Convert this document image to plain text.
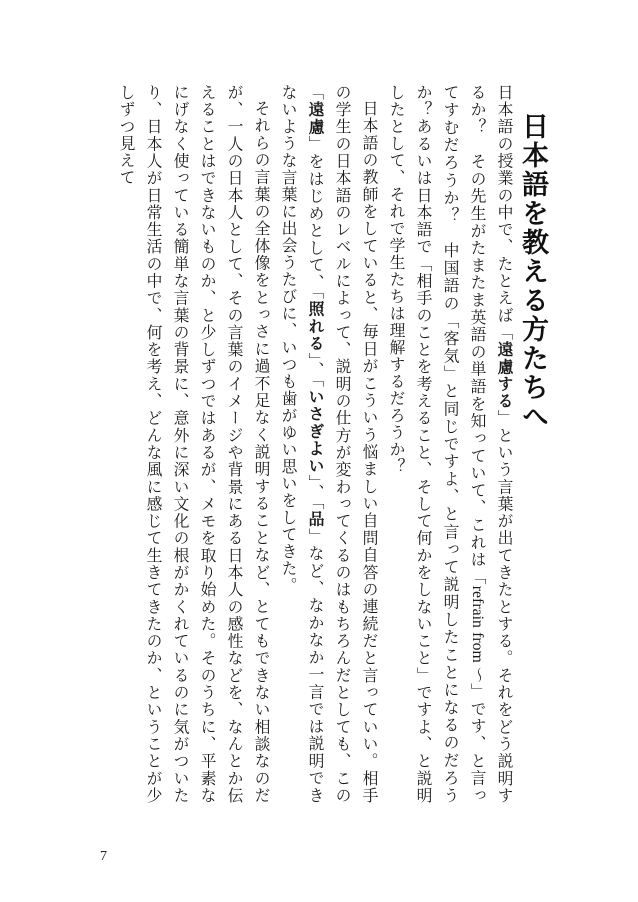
日本語を教える方たちへ

日本語の授業の中で、たとえば「遠慮する」という言葉が出てきたとする。それをどう説明するか？　その先生がたまたま英語の単語を知っていて、これは「refrain from 〜」です、と言ってすむだろうか？　中国語の「客気」と同じですよ、と言って説明したことになるのだろうか？あるいは日本語で「相手のことを考えること、そして何かをしないこと」ですよ、と説明したとして、それで学生たちは理解するだろうか？

日本語の教師をしていると、毎日がこういう悩ましい自問自答の連続だと言っていい。相手の学生の日本語のレベルによって、説明の仕方が変わってくるのはもちろんだとしても、この「遠慮」をはじめとして、「照れる」、「いさぎよい」、「品」など、なかなか一言では説明できないような言葉に出会うたびに、いつも歯がゆい思いをしてきた。

それらの言葉の全体像をとっさに過不足なく説明することなど、とてもできない相談なのだが、一人の日本人として、その言葉のイメージや背景にある日本人の感性などを、なんとか伝えることはできないものか、と少しずつではあるが、メモを取り始めた。そのうちに、平素なにげなく使っている簡単な言葉の背景に、意外に深い文化の根がかくれているのに気がついたり、日本人が日常生活の中で、何を考え、どんな風に感じて生きてきたのか、ということが少しずつ見えて

7
